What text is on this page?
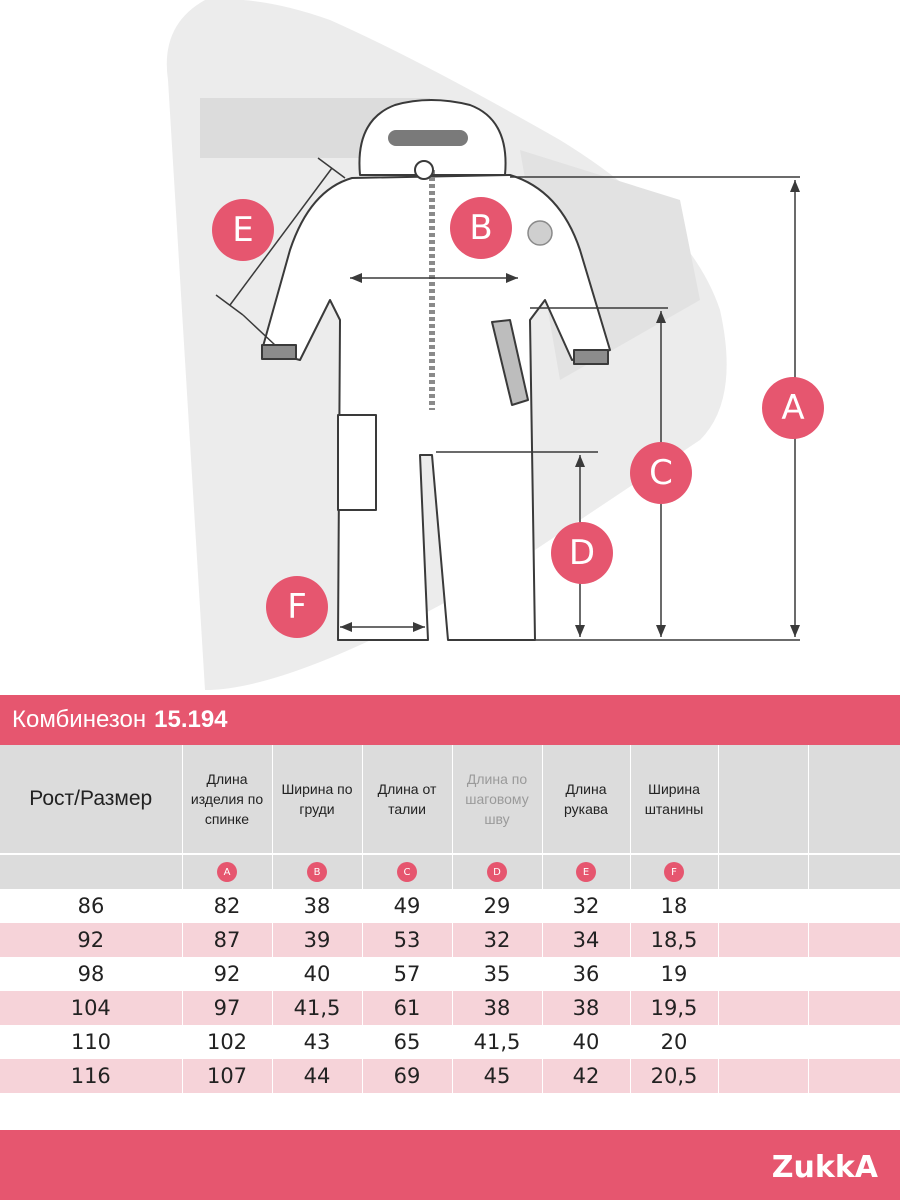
E	B
A
C
D
F
Комбинезон 15.194
Рост/Размер	Длина изделия по спинке	Ширина по груди	Длина от талии	Длина по шаговому шву	Длина рукава	Ширина штанины		
	A	B	C	D	E	F		
86	82	38	49	29	32	18		
92	87	39	53	32	34	18,5		
98	92	40	57	35	36	19		
104	97	41,5	61	38	38	19,5		
110	102	43	65	41,5	40	20		
116	107	44	69	45	42	20,5		
ZukkA
